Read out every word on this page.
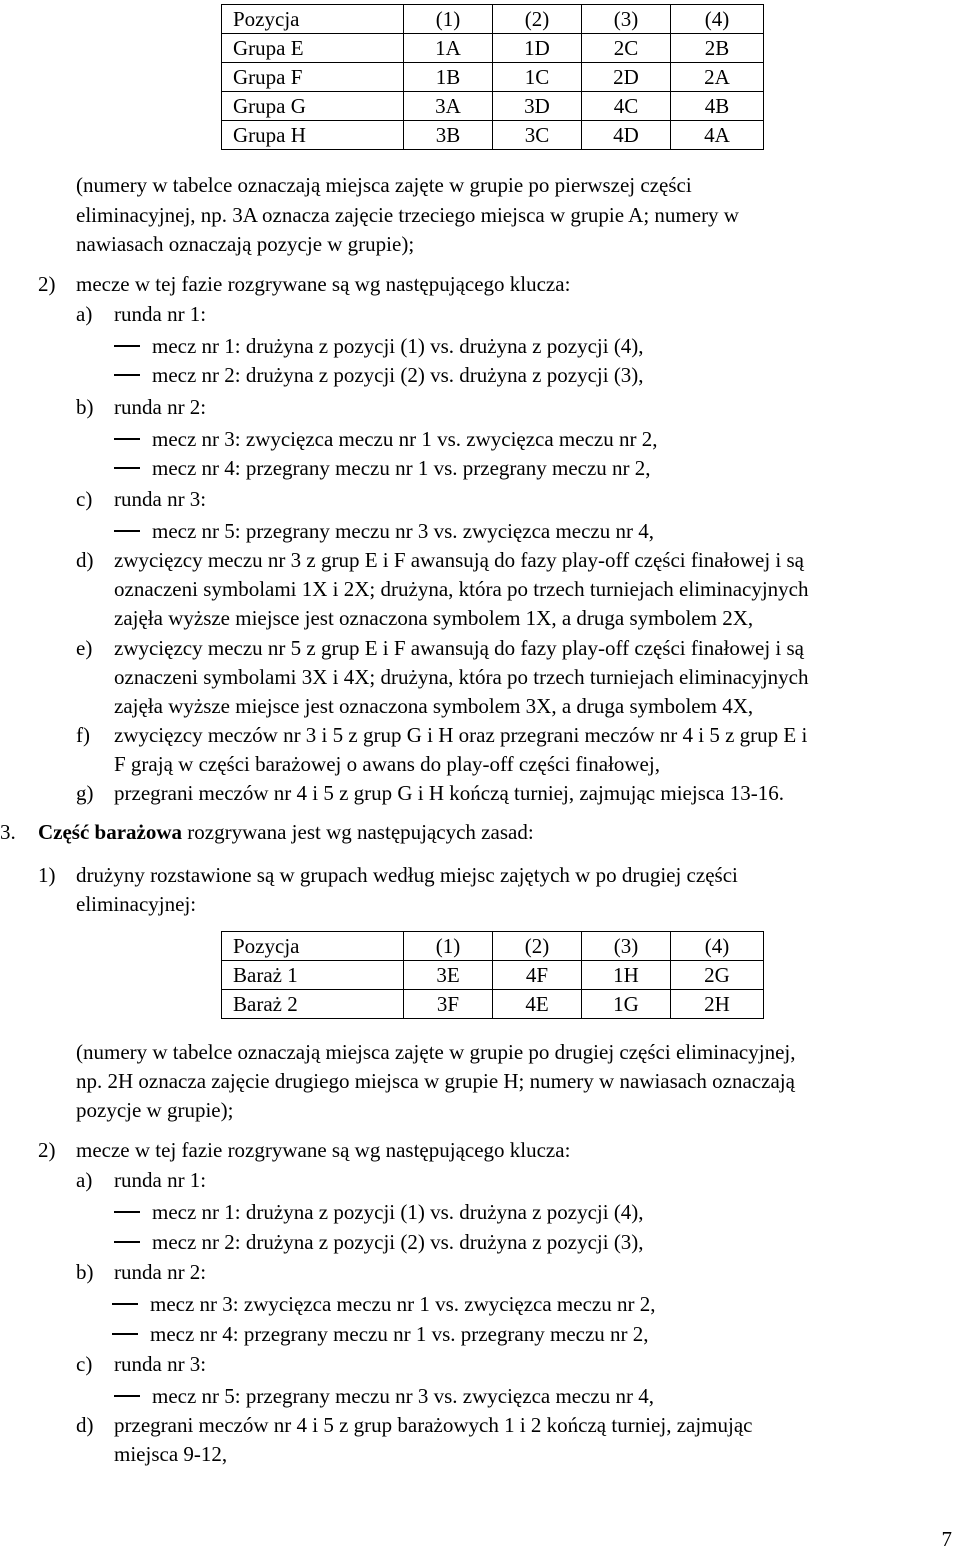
Pozycja	(1)	(2)	(3)	(4)
Grupa E	1A	1D	2C	2B
Grupa F	1B	1C	2D	2A
Grupa G	3A	3D	4C	4B
Grupa H	3B	3C	4D	4A
(numery w tabelce oznaczają miejsca zajęte w grupie po pierwszej części
eliminacyjnej, np. 3A oznacza zajęcie trzeciego miejsca w grupie A; numery w
nawiasach oznaczają pozycje w grupie);
2) mecze w tej fazie rozgrywane są wg następującego klucza:
a) runda nr 1:
mecz nr 1: drużyna z pozycji (1) vs. drużyna z pozycji (4),
mecz nr 2: drużyna z pozycji (2) vs. drużyna z pozycji (3),
b) runda nr 2:
mecz nr 3: zwycięzca meczu nr 1 vs. zwycięzca meczu nr 2,
mecz nr 4: przegrany meczu nr 1 vs. przegrany meczu nr 2,
c) runda nr 3:
mecz nr 5: przegrany meczu nr 3 vs. zwycięzca meczu nr 4,
d) zwycięzcy meczu nr 3 z grup E i F awansują do fazy play-off części finałowej i są
oznaczeni symbolami 1X i 2X; drużyna, która po trzech turniejach eliminacyjnych
zajęła wyższe miejsce jest oznaczona symbolem 1X, a druga symbolem 2X,
e) zwycięzcy meczu nr 5 z grup E i F awansują do fazy play-off części finałowej i są
oznaczeni symbolami 3X i 4X; drużyna, która po trzech turniejach eliminacyjnych
zajęła wyższe miejsce jest oznaczona symbolem 3X, a druga symbolem 4X,
f) zwycięzcy meczów nr 3 i 5 z grup G i H oraz przegrani meczów nr 4 i 5 z grup E i
F grają w części barażowej o awans do play-off części finałowej,
g) przegrani meczów nr 4 i 5 z grup G i H kończą turniej, zajmując miejsca 13-16.
3. Część barażowa rozgrywana jest wg następujących zasad:
1) drużyny rozstawione są w grupach według miejsc zajętych w po drugiej części
eliminacyjnej:
Pozycja	(1)	(2)	(3)	(4)
Baraż 1	3E	4F	1H	2G
Baraż 2	3F	4E	1G	2H
(numery w tabelce oznaczają miejsca zajęte w grupie po drugiej części eliminacyjnej,
np. 2H oznacza zajęcie drugiego miejsca w grupie H; numery w nawiasach oznaczają
pozycje w grupie);
2) mecze w tej fazie rozgrywane są wg następującego klucza:
a) runda nr 1:
mecz nr 1: drużyna z pozycji (1) vs. drużyna z pozycji (4),
mecz nr 2: drużyna z pozycji (2) vs. drużyna z pozycji (3),
b) runda nr 2:
mecz nr 3: zwycięzca meczu nr 1 vs. zwycięzca meczu nr 2,
mecz nr 4: przegrany meczu nr 1 vs. przegrany meczu nr 2,
c) runda nr 3:
mecz nr 5: przegrany meczu nr 3 vs. zwycięzca meczu nr 4,
d) przegrani meczów nr 4 i 5 z grup barażowych 1 i 2 kończą turniej, zajmując
miejsca 9-12,
7
